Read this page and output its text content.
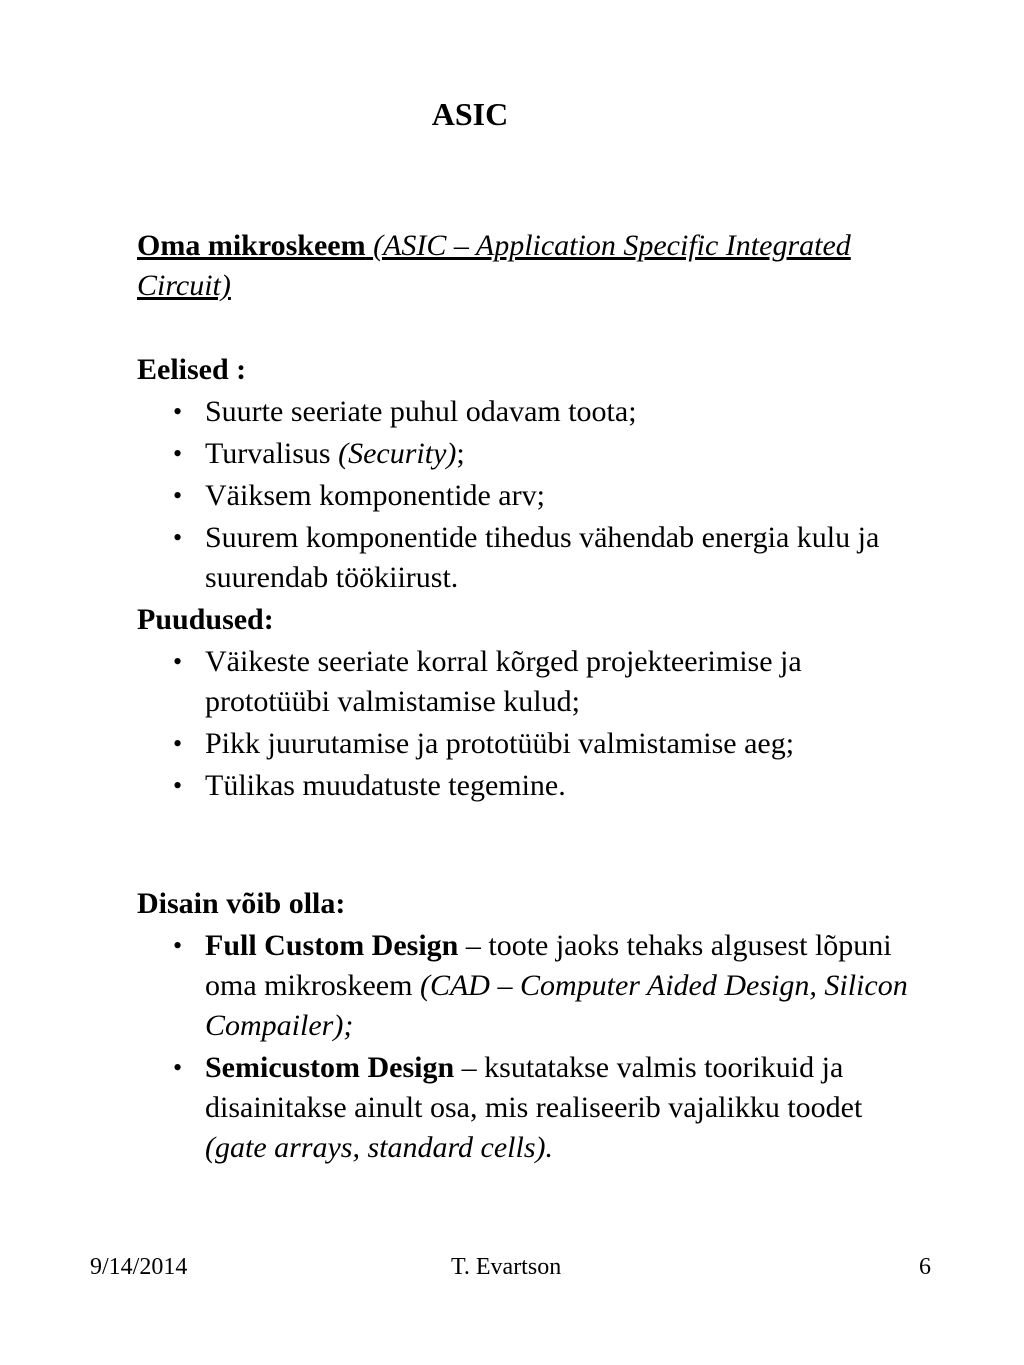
ASIC
Oma mikroskeem (ASIC – Application Specific Integrated Circuit)
Eelised :
• Suurte seeriate puhul odavam toota;
• Turvalisus (Security);
• Väiksem komponentide arv;
• Suurem komponentide tihedus vähendab energia kulu ja suurendab töökiirust.
Puudused:
• Väikeste seeriate korral kõrged projekteerimise ja prototüübi valmistamise kulud;
• Pikk juurutamise ja prototüübi valmistamise aeg;
• Tülikas muudatuste tegemine.
Disain võib olla:
• Full Custom Design – toote jaoks tehaks algusest lõpuni oma mikroskeem (CAD – Computer Aided Design, Silicon Compailer);
• Semicustom Design – ksutatakse valmis toorikuid ja disainitakse ainult osa, mis realiseerib vajalikku toodet (gate arrays, standard cells).
9/14/2014	T. Evartson	6
